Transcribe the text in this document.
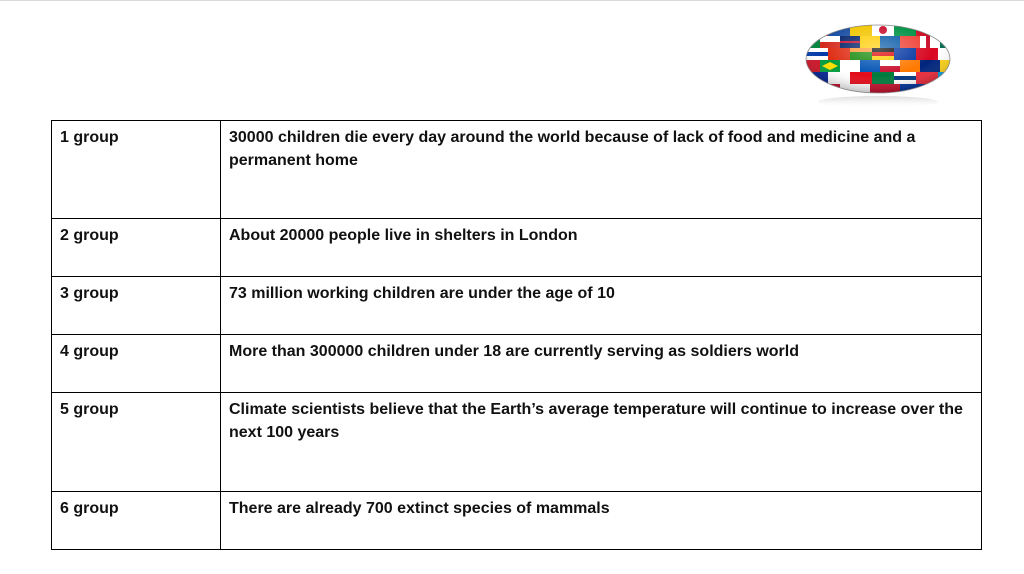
1 group	30000 children die every day around the world because of lack of food and medicine and a permanent home
2 group	About 20000 people live in shelters in London
3 group	73 million working children are under the age of 10
4 group	More than 300000 children under 18 are currently serving as soldiers world
5 group	Climate scientists believe that the Earth’s average temperature will continue to increase over the next 100 years
6 group	There are already 700 extinct species of mammals
